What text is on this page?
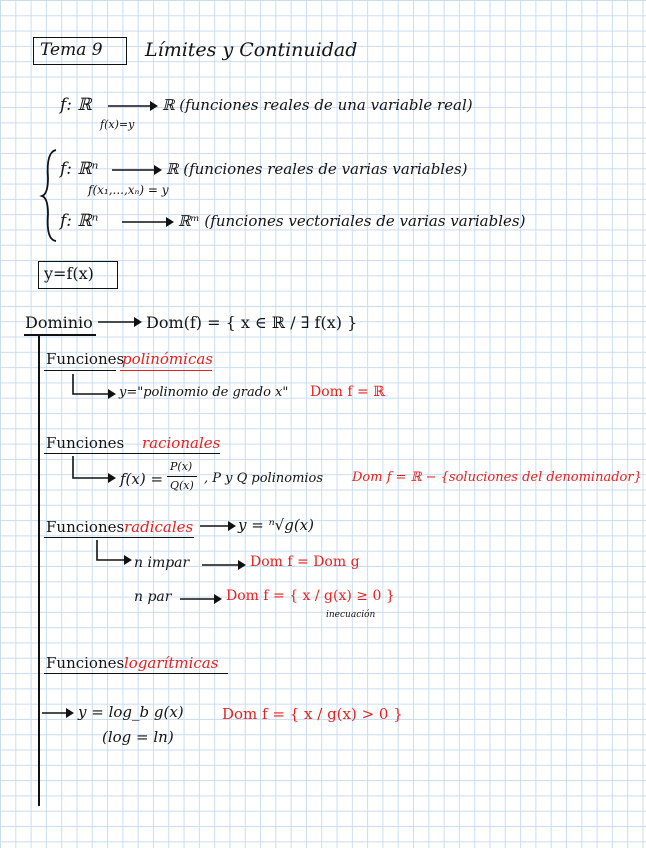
Tema 9 Límites y Continuidad
f: ℝ	ℝ (funciones reales de una variable real)
f(x)=y
f: ℝⁿ	ℝ (funciones reales de varias variables)
f(x₁,...,xₙ) = y
f: ℝⁿ	ℝᵐ (funciones vectoriales de varias variables)
y=f(x)
Dominio	Dom(f) = { x ∈ ℝ / ∃ f(x) }
Funciones
polinómicas
y="polinomio de grado x" Dom f = ℝ
Funciones racionales
f(x) =
P(x)
Q(x) , P y Q polinomios Dom f = ℝ − {soluciones del denominador}
Funciones radicales	y = ⁿ√g(x)
n impar	Dom f = Dom g
n par	Dom f = { x / g(x) ≥ 0 }
inecuación
Funciones logarítmicas
y = log_b g(x)
(log = ln)
Dom f = { x / g(x) > 0 }
